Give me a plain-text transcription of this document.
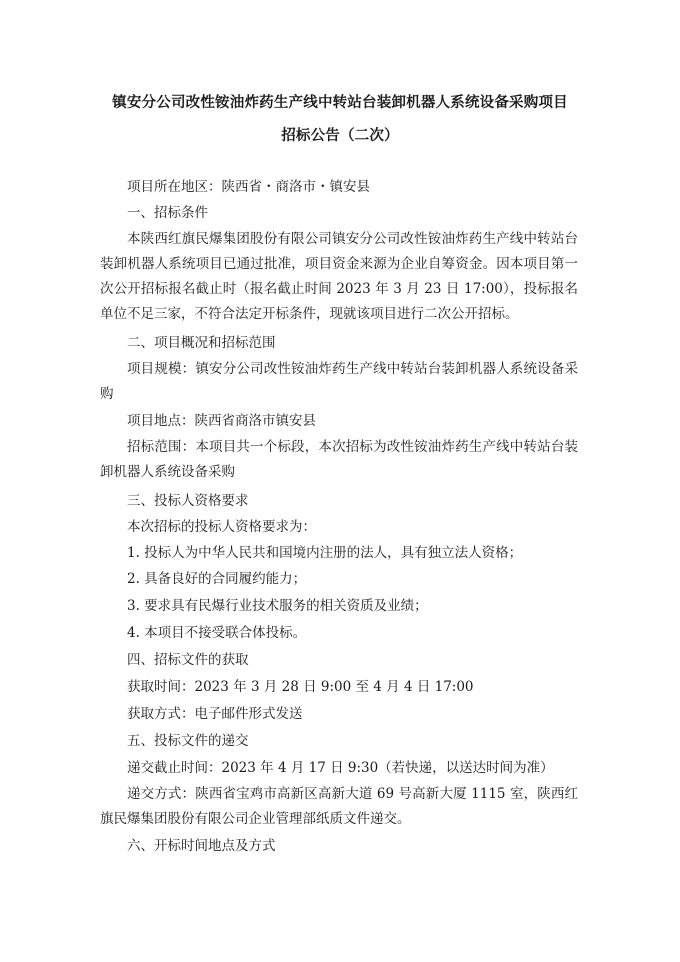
镇安分公司改性铵油炸药生产线中转站台装卸机器人系统设备采购项目
招标公告（二次）
项目所在地区：陕西省・商洛市・镇安县
一、招标条件

本陕西红旗民爆集团股份有限公司镇安分公司改性铵油炸药生产线中转站台装卸机器人系统项目已通过批准，项目资金来源为企业自筹资金。因本项目第一次公开招标报名截止时（报名截止时间 2023 年 3 月 23 日 17:00），投标报名单位不足三家，不符合法定开标条件，现就该项目进行二次公开招标。

二、项目概况和招标范围

项目规模：镇安分公司改性铵油炸药生产线中转站台装卸机器人系统设备采购

项目地点：陕西省商洛市镇安县

招标范围：本项目共一个标段，本次招标为改性铵油炸药生产线中转站台装卸机器人系统设备采购

三、投标人资格要求
本次招标的投标人资格要求为：
1. 投标人为中华人民共和国境内注册的法人，具有独立法人资格；
2. 具备良好的合同履约能力；
3. 要求具有民爆行业技术服务的相关资质及业绩；
4. 本项目不接受联合体投标。
四、招标文件的获取
获取时间：2023 年 3 月 28 日 9:00 至 4 月 4 日 17:00
获取方式：电子邮件形式发送
五、投标文件的递交
递交截止时间：2023 年 4 月 17 日 9:30（若快递，以送达时间为准）

递交方式：陕西省宝鸡市高新区高新大道 69 号高新大厦 1115 室，陕西红旗民爆集团股份有限公司企业管理部纸质文件递交。

六、开标时间地点及方式
